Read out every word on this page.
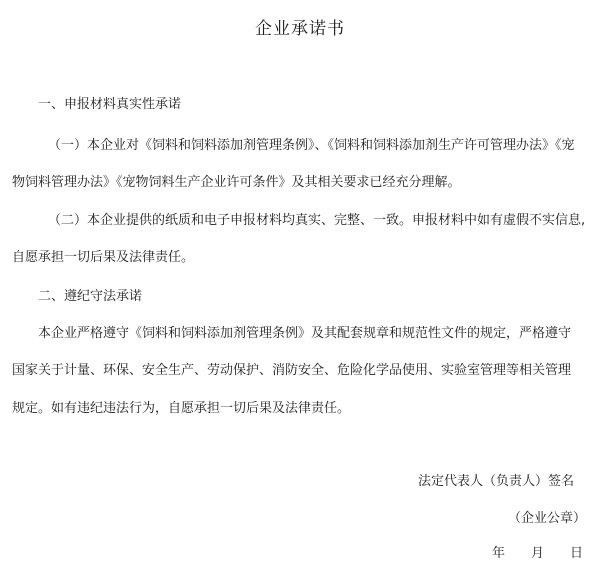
企业承诺书
一、申报材料真实性承诺
（一）本企业对《饲料和饲料添加剂管理条例》、《饲料和饲料添加剂生产许可管理办法》《宠
物饲料管理办法》《宠物饲料生产企业许可条件》及其相关要求已经充分理解。
（二）本企业提供的纸质和电子申报材料均真实、完整、一致。申报材料中如有虚假不实信息,
自愿承担一切后果及法律责任。
二、遵纪守法承诺
本企业严格遵守《饲料和饲料添加剂管理条例》及其配套规章和规范性文件的规定，严格遵守
国家关于计量、环保、安全生产、劳动保护、消防安全、危险化学品使用、实验室管理等相关管理
规定。如有违纪违法行为，自愿承担一切后果及法律责任。
法定代表人（负责人）签名
（企业公章）
年 月 日
